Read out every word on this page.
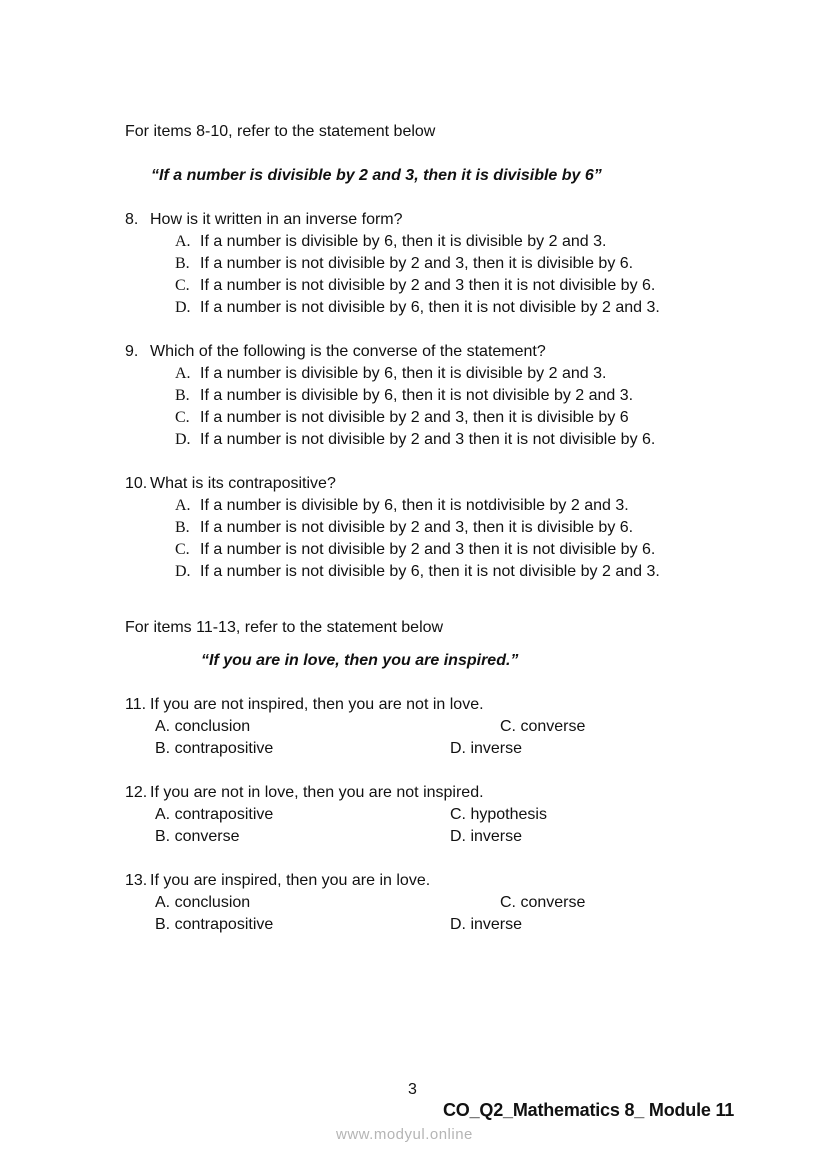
For items 8-10, refer to the statement below
“If a number is divisible by 2 and 3, then it is divisible by 6”
8. How is it written in an inverse form?
A. If a number is divisible by 6, then it is divisible by 2 and 3.
B. If a number is not divisible by 2 and 3, then it is divisible by 6.
C. If a number is not divisible by 2 and 3 then it is not divisible by 6.
D. If a number is not divisible by 6, then it is not divisible by 2 and 3.
9. Which of the following is the converse of the statement?
A. If a number is divisible by 6, then it is divisible by 2 and 3.
B. If a number is divisible by 6, then it is not divisible by 2 and 3.
C. If a number is not divisible by 2 and 3, then it is divisible by 6
D. If a number is not divisible by 2 and 3 then it is not divisible by 6.
10. What is its contrapositive?
A. If a number is divisible by 6, then it is notdivisible by 2 and 3.
B. If a number is not divisible by 2 and 3, then it is divisible by 6.
C. If a number is not divisible by 2 and 3 then it is not divisible by 6.
D. If a number is not divisible by 6, then it is not divisible by 2 and 3.
For items 11-13, refer to the statement below
“If you are in love, then you are inspired.”
11. If you are not inspired, then you are not in love.
A. conclusion	C. converse
B. contrapositive	D. inverse
12. If you are not in love, then you are not inspired.
A. contrapositive	C. hypothesis
B. converse	D. inverse
13. If you are inspired, then you are in love.
A. conclusion	C. converse
B. contrapositive	D. inverse
3
CO_Q2_Mathematics 8_ Module 11
www.modyul.online
